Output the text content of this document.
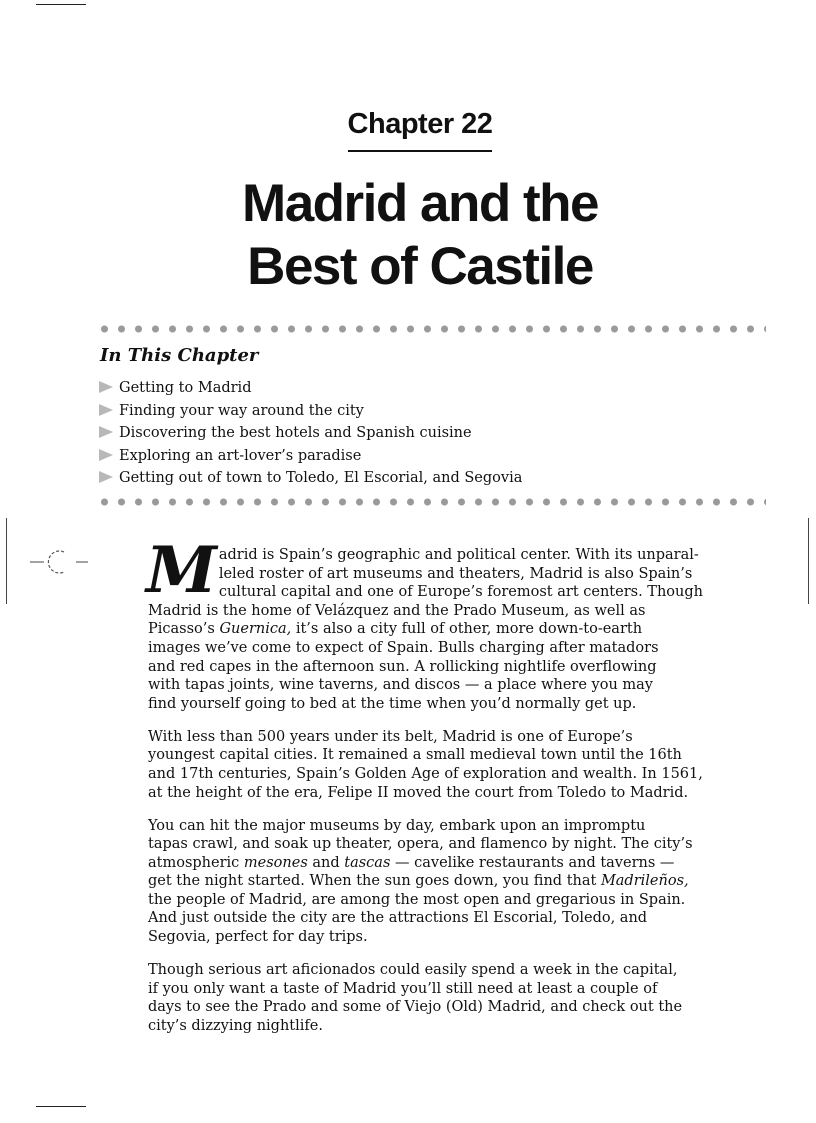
Chapter 22
Madrid and the
Best of Castile
In This Chapter
Getting to Madrid
Finding your way around the city
Discovering the best hotels and Spanish cuisine
Exploring an art-lover’s paradise
Getting out of town to Toledo, El Escorial, and Segovia

M adrid is Spain’s geographic and political center. With its unparal-
leled roster of art museums and theaters, Madrid is also Spain’s
cultural capital and one of Europe’s foremost art centers. Though
Madrid is the home of Velázquez and the Prado Museum, as well as
Picasso’s Guernica, it’s also a city full of other, more down-to-earth
images we’ve come to expect of Spain. Bulls charging after matadors
and red capes in the afternoon sun. A rollicking nightlife overflowing
with tapas joints, wine taverns, and discos — a place where you may
find yourself going to bed at the time when you’d normally get up.

With less than 500 years under its belt, Madrid is one of Europe’s
youngest capital cities. It remained a small medieval town until the 16th
and 17th centuries, Spain’s Golden Age of exploration and wealth. In 1561,
at the height of the era, Felipe II moved the court from Toledo to Madrid.

You can hit the major museums by day, embark upon an impromptu
tapas crawl, and soak up theater, opera, and flamenco by night. The city’s
atmospheric mesones and tascas — cavelike restaurants and taverns —
get the night started. When the sun goes down, you find that Madrileños,
the people of Madrid, are among the most open and gregarious in Spain.
And just outside the city are the attractions El Escorial, Toledo, and
Segovia, perfect for day trips.

Though serious art aficionados could easily spend a week in the capital,
if you only want a taste of Madrid you’ll still need at least a couple of
days to see the Prado and some of Viejo (Old) Madrid, and check out the
city’s dizzying nightlife.
